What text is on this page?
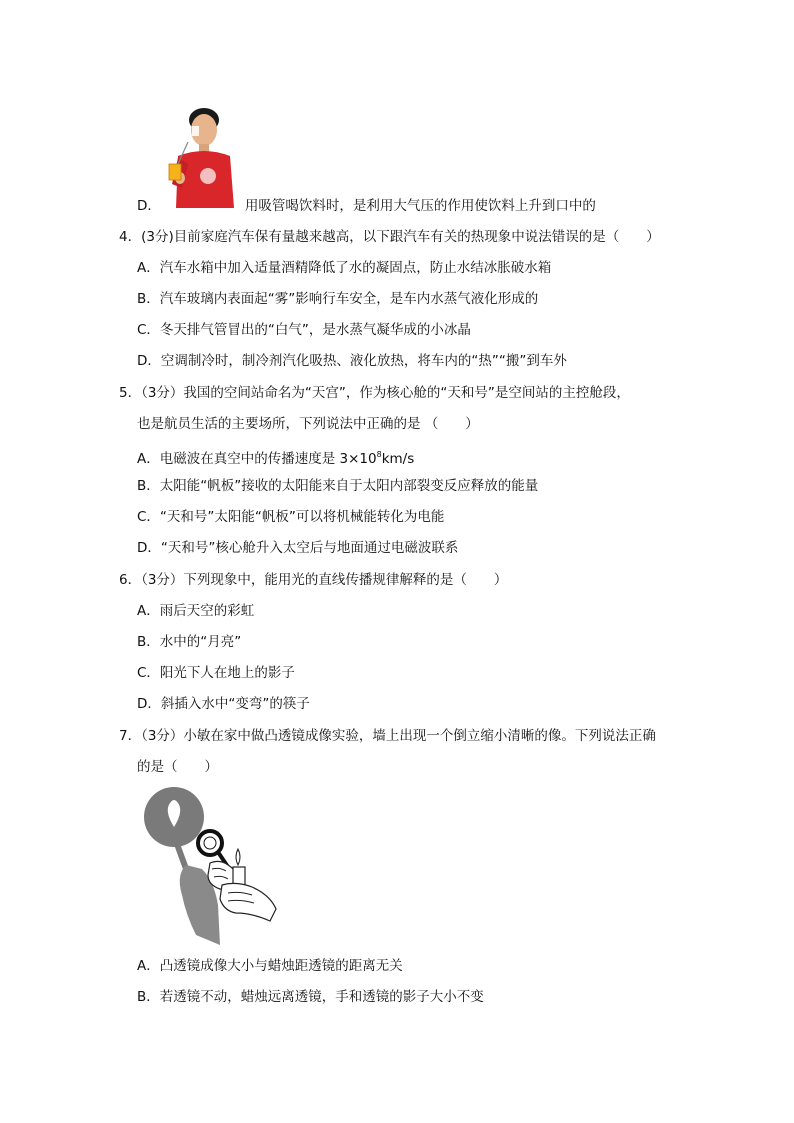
D．	用吸管喝饮料时，是利用大气压的作用使饮料上升到口中的
4．(3分)目前家庭汽车保有量越来越高，以下跟汽车有关的热现象中说法错误的是（　　）
A．汽车水箱中加入适量酒精降低了水的凝固点，防止水结冰胀破水箱
B．汽车玻璃内表面起“雾”影响行车安全，是车内水蒸气液化形成的
C．冬天排气管冒出的“白气”，是水蒸气凝华成的小冰晶
D．空调制冷时，制冷剂汽化吸热、液化放热，将车内的“热”“搬”到车外
5．（3分）我国的空间站命名为“天宫”，作为核心舱的“天和号”是空间站的主控舱段，
也是航员生活的主要场所，下列说法中正确的是 （　　）
A．电磁波在真空中的传播速度是 $3\times 10^8km/s$
B．太阳能“帆板”接收的太阳能来自于太阳内部裂变反应释放的能量
C．“天和号”太阳能“帆板”可以将机械能转化为电能
D．“天和号”核心舱升入太空后与地面通过电磁波联系
6．（3分）下列现象中，能用光的直线传播规律解释的是（　　）
A．雨后天空的彩虹
B．水中的“月亮”
C．阳光下人在地上的影子
D．斜插入水中“变弯”的筷子
7．（3分）小敏在家中做凸透镜成像实验，墙上出现一个倒立缩小清晰的像。下列说法正确
的是（　　）
A．凸透镜成像大小与蜡烛距透镜的距离无关
B．若透镜不动，蜡烛远离透镜，手和透镜的影子大小不变
